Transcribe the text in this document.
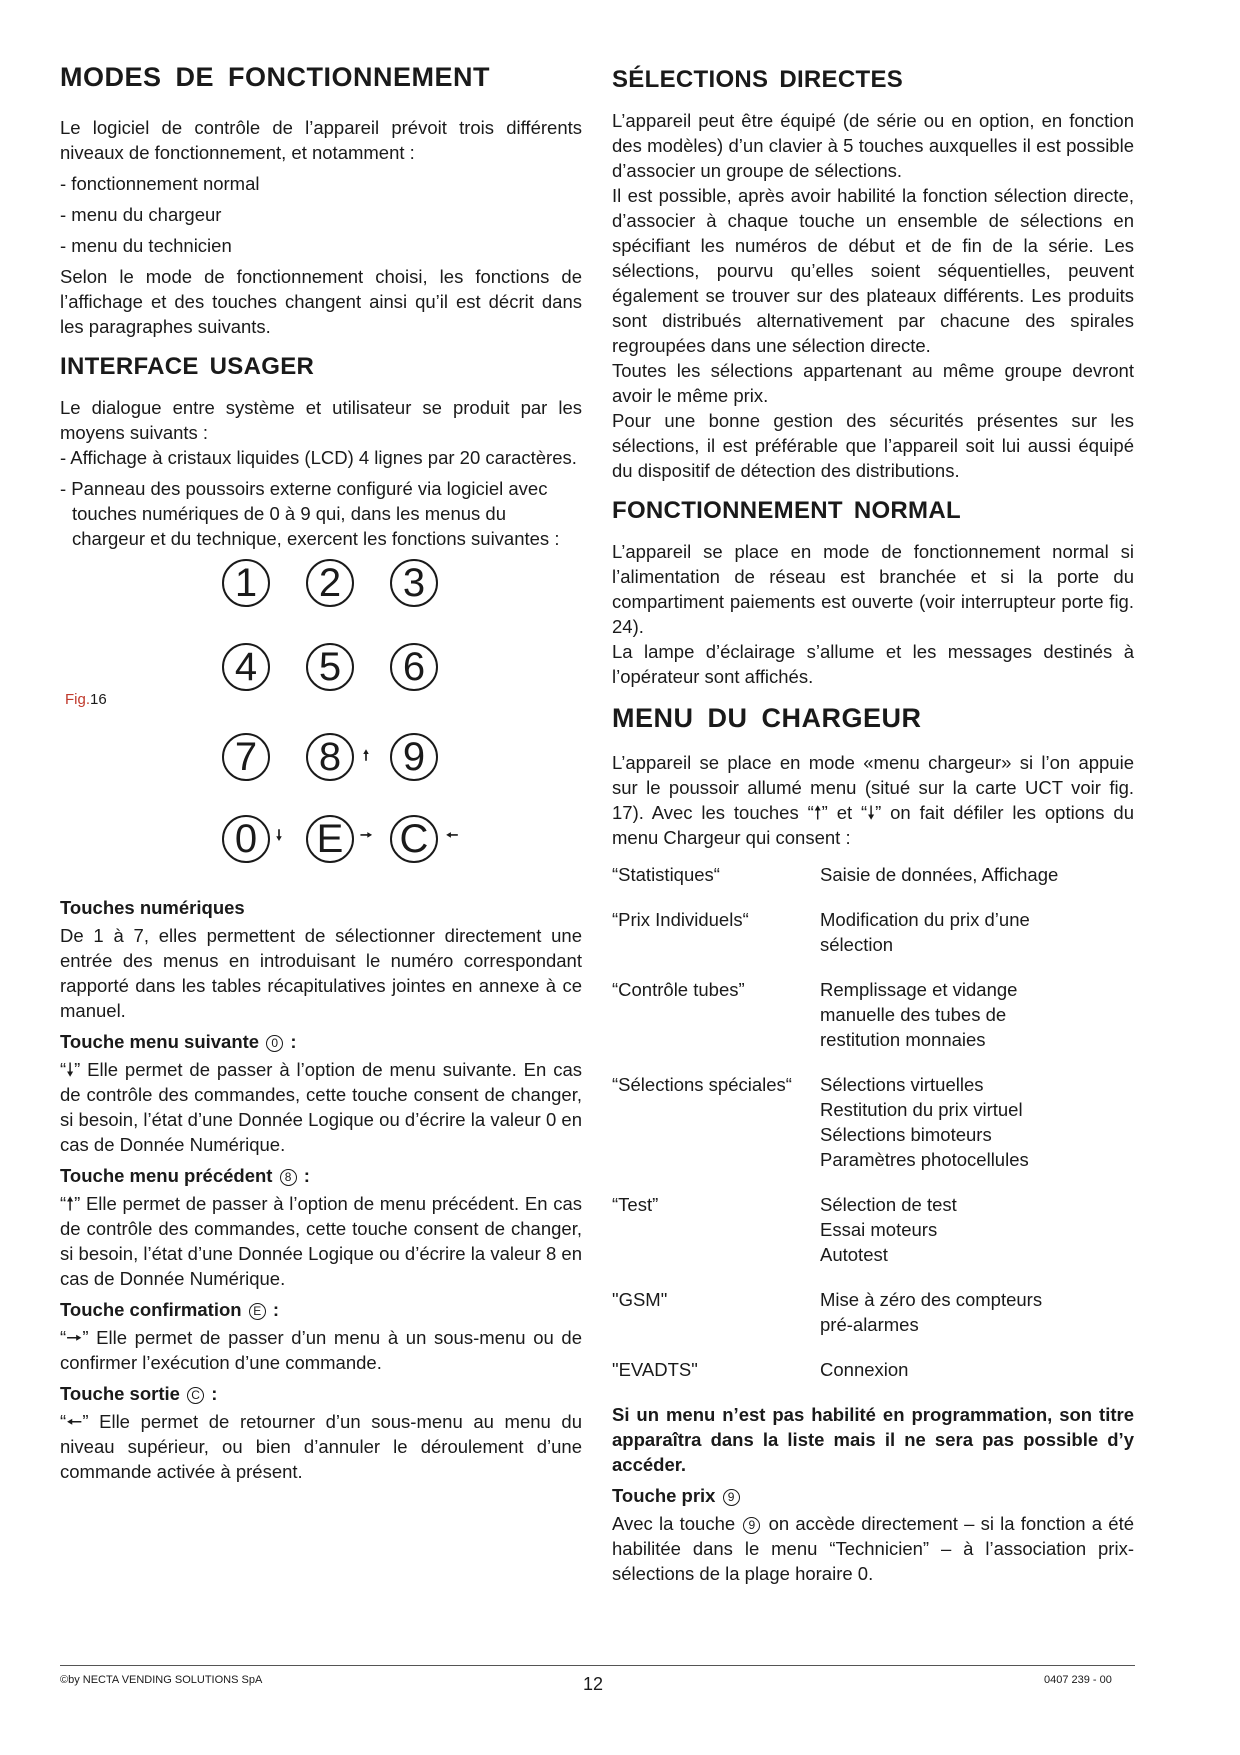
MODES DE FONCTIONNEMENT

Le logiciel de contrôle de l’appareil prévoit trois différents niveaux de fonctionnement, et notamment :

- fonctionnement normal

- menu du chargeur

- menu du technicien

Selon le mode de fonctionnement choisi, les fonctions de l’affichage et des touches changent ainsi qu’il est décrit dans les paragraphes suivants.

INTERFACE USAGER

Le dialogue entre système et utilisateur se produit par les moyens suivants :

- Affichage à cristaux liquides (LCD) 4 lignes par 20 caractères.

- Panneau des poussoirs externe configuré via logiciel avec touches numériques de 0 à 9 qui, dans les menus du chargeur et du technique, exercent les fonctions suivantes :

Fig.16
1	2	3
4	5	6
7	8	🠕 9
0	🠗 E	🠖 C	🠔
Touches numériques

De 1 à 7, elles permettent de sélectionner directement une entrée des menus en introduisant le numéro correspondant rapporté dans les tables récapitulatives jointes en annexe à ce manuel.

Touche menu suivante 0 :

“🠗” Elle permet de passer à l’option de menu suivante. En cas de contrôle des commandes, cette touche consent de changer, si besoin, l’état d’une Donnée Logique ou d’écrire la valeur 0 en cas de Donnée Numérique.

Touche menu précédent 8 :

“🠕” Elle permet de passer à l’option de menu précédent. En cas de contrôle des commandes, cette touche consent de changer, si besoin, l’état d’une Donnée Logique ou d’écrire la valeur 8 en cas de Donnée Numérique.

Touche confirmation E :

“🠖” Elle permet de passer d’un menu à un sous-menu ou de confirmer l’exécution d’une commande.

Touche sortie C :

“🠔” Elle permet de retourner d’un sous-menu au menu du niveau supérieur, ou bien d’annuler le déroulement d’une commande activée à présent.

SÉLECTIONS DIRECTES

L’appareil peut être équipé (de série ou en option, en fonction des modèles) d’un clavier à 5 touches auxquelles il est possible d’associer un groupe de sélections.

Il est possible, après avoir habilité la fonction sélection directe, d’associer à chaque touche un ensemble de sélections en spécifiant les numéros de début et de fin de la série. Les sélections, pourvu qu’elles soient séquentielles, peuvent également se trouver sur des plateaux différents. Les produits sont distribués alternativement par chacune des spirales regroupées dans une sélection directe.

Toutes les sélections appartenant au même groupe devront avoir le même prix.

Pour une bonne gestion des sécurités présentes sur les sélections, il est préférable que l’appareil soit lui aussi équipé du dispositif de détection des distributions.

FONCTIONNEMENT NORMAL

L’appareil se place en mode de fonctionnement normal si l’alimentation de réseau est branchée et si la porte du compartiment paiements est ouverte (voir interrupteur porte fig. 24).

La lampe d’éclairage s’allume et les messages destinés à l’opérateur sont affichés.

MENU DU CHARGEUR

L’appareil se place en mode «menu chargeur» si l’on appuie sur le poussoir allumé menu (situé sur la carte UCT voir fig. 17). Avec les touches “🠕” et “🠗” on fait défiler les options du menu Chargeur qui consent :

“Statistiques“	Saisie de données, Affichage

“Prix Individuels“	Modification du prix d’une
sélection

“Contrôle tubes”	Remplissage et vidange
manuelle des tubes de
restitution monnaies

“Sélections spéciales“	Sélections virtuelles
Restitution du prix virtuel
Sélections bimoteurs
Paramètres photocellules

“Test”	Sélection de test
Essai moteurs
Autotest

"GSM"	Mise à zéro des compteurs
pré-alarmes

"EVADTS"	Connexion

Si un menu n’est pas habilité en programmation, son titre apparaîtra dans la liste mais il ne sera pas possible d’y accéder.

Touche prix 9

Avec la touche 9 on accède directement – si la fonction a été habilitée dans le menu “Technicien” – à l’association prix-sélections de la plage horaire 0.

©by NECTA VENDING SOLUTIONS SpA	12	0407 239 - 00
